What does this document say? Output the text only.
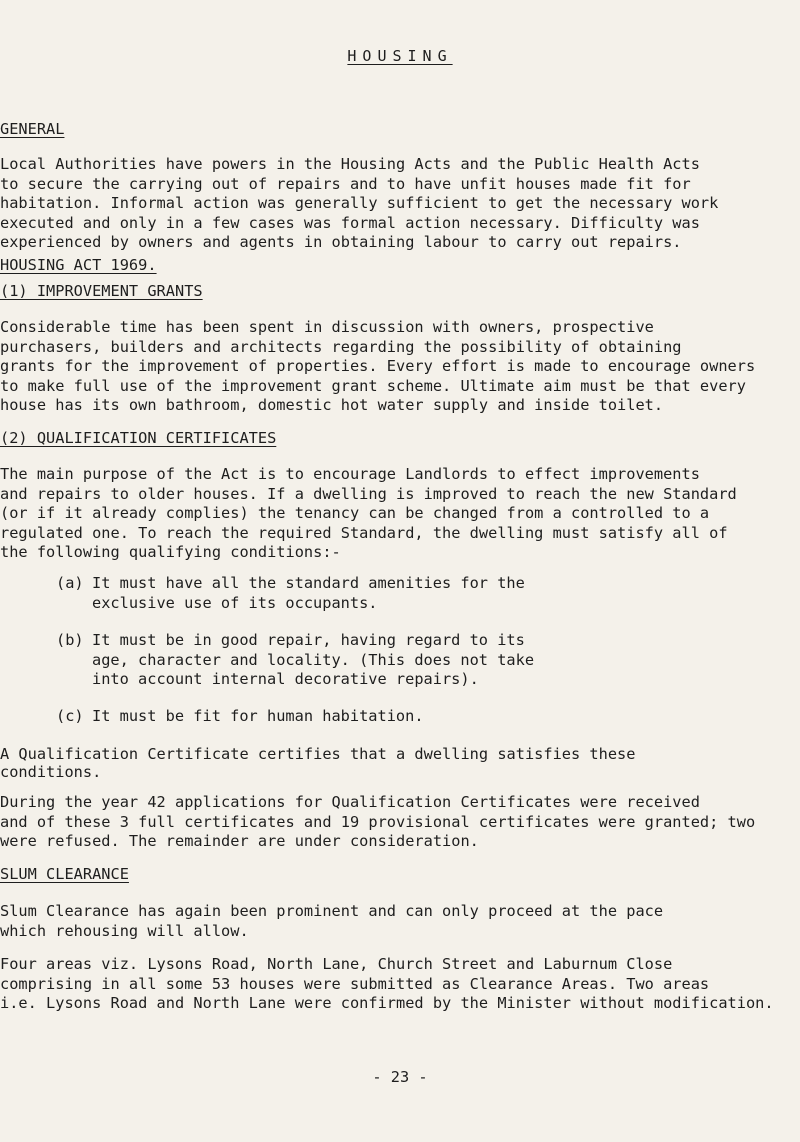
HOUSING
GENERAL
Local Authorities have powers in the Housing Acts and the Public Health Acts
to secure the carrying out of repairs and to have unfit houses made fit for
habitation. Informal action was generally sufficient to get the necessary work
executed and only in a few cases was formal action necessary. Difficulty was
experienced by owners and agents in obtaining labour to carry out repairs.
HOUSING ACT 1969.
(1) IMPROVEMENT GRANTS
Considerable time has been spent in discussion with owners, prospective
purchasers, builders and architects regarding the possibility of obtaining
grants for the improvement of properties. Every effort is made to encourage owners
to make full use of the improvement grant scheme. Ultimate aim must be that every
house has its own bathroom, domestic hot water supply and inside toilet.
(2) QUALIFICATION CERTIFICATES
The main purpose of the Act is to encourage Landlords to effect improvements
and repairs to older houses. If a dwelling is improved to reach the new Standard
(or if it already complies) the tenancy can be changed from a controlled to a
regulated one. To reach the required Standard, the dwelling must satisfy all of
the following qualifying conditions:-
(a) It must have all the standard amenities for the
exclusive use of its occupants.
(b) It must be in good repair, having regard to its
age, character and locality. (This does not take
into account internal decorative repairs).
(c) It must be fit for human habitation.
A Qualification Certificate certifies that a dwelling satisfies these
conditions.
During the year 42 applications for Qualification Certificates were received
and of these 3 full certificates and 19 provisional certificates were granted; two
were refused. The remainder are under consideration.
SLUM CLEARANCE
Slum Clearance has again been prominent and can only proceed at the pace
which rehousing will allow.
Four areas viz. Lysons Road, North Lane, Church Street and Laburnum Close
comprising in all some 53 houses were submitted as Clearance Areas. Two areas
i.e. Lysons Road and North Lane were confirmed by the Minister without modification.
- 23 -
